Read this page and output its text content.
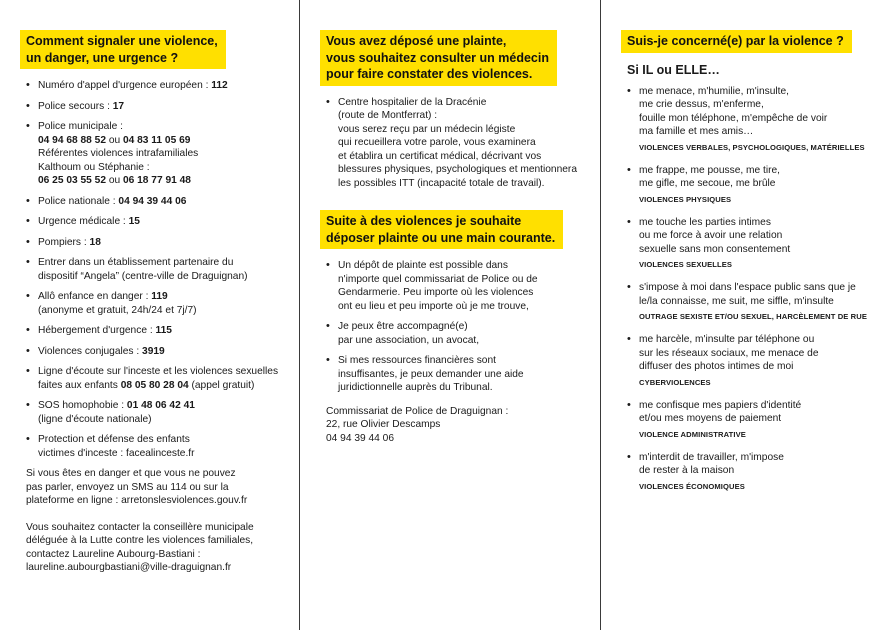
Comment signaler une violence,
un danger, une urgence ?
• Numéro d'appel d'urgence européen : 112
• Police secours : 17
• Police municipale :
04 94 68 88 52 ou 04 83 11 05 69
Référentes violences intrafamiliales
Kalthoum ou Stéphanie :
06 25 03 55 52 ou 06 18 77 91 48
• Police nationale : 04 94 39 44 06
• Urgence médicale : 15
• Pompiers : 18
• Entrer dans un établissement partenaire du
dispositif “Angela” (centre-ville de Draguignan)
• Allô enfance en danger : 119
(anonyme et gratuit, 24h/24 et 7j/7)
• Hébergement d'urgence : 115
• Violences conjugales : 3919
• Ligne d'écoute sur l'inceste et les violences sexuelles
faites aux enfants 08 05 80 28 04 (appel gratuit)
• SOS homophobie : 01 48 06 42 41
(ligne d'écoute nationale)
• Protection et défense des enfants
victimes d'inceste : facealinceste.fr

Si vous êtes en danger et que vous ne pouvez
pas parler, envoyez un SMS au 114 ou sur la
plateforme en ligne : arretonslesviolences.gouv.fr

Vous souhaitez contacter la conseillère municipale
déléguée à la Lutte contre les violences familiales,
contactez Laureline Aubourg-Bastiani :
laureline.aubourgbastiani@ville-draguignan.fr

Vous avez déposé une plainte,
vous souhaitez consulter un médecin
pour faire constater des violences.
• Centre hospitalier de la Dracénie
(route de Montferrat) :
vous serez reçu par un médecin légiste
qui recueillera votre parole, vous examinera
et établira un certificat médical, décrivant vos
blessures physiques, psychologiques et mentionnera
les possibles ITT (incapacité totale de travail).
Suite à des violences je souhaite
déposer plainte ou une main courante.
• Un dépôt de plainte est possible dans
n'importe quel commissariat de Police ou de
Gendarmerie. Peu importe où les violences
ont eu lieu et peu importe où je me trouve,
• Je peux être accompagné(e)
par une association, un avocat,
• Si mes ressources financières sont
insuffisantes, je peux demander une aide
juridictionnelle auprès du Tribunal.

Commissariat de Police de Draguignan :
22, rue Olivier Descamps
04 94 39 44 06

Suis-je concerné(e) par la violence ?
Si IL ou ELLE…
• me menace, m'humilie, m'insulte,
me crie dessus, m'enferme,
fouille mon téléphone, m'empêche de voir
ma famille et mes amis…
VIOLENCES VERBALES, PSYCHOLOGIQUES, MATÉRIELLES
• me frappe, me pousse, me tire,
me gifle, me secoue, me brûle
VIOLENCES PHYSIQUES
• me touche les parties intimes
ou me force à avoir une relation
sexuelle sans mon consentement
VIOLENCES SEXUELLES
• s'impose à moi dans l'espace public sans que je
le/la connaisse, me suit, me siffle, m'insulte
OUTRAGE SEXISTE ET/OU SEXUEL, HARCÈLEMENT DE RUE
• me harcèle, m'insulte par téléphone ou
sur les réseaux sociaux, me menace de
diffuser des photos intimes de moi
CYBERVIOLENCES
• me confisque mes papiers d'identité
et/ou mes moyens de paiement
VIOLENCE ADMINISTRATIVE
• m'interdit de travailler, m'impose
de rester à la maison
VIOLENCES ÉCONOMIQUES
